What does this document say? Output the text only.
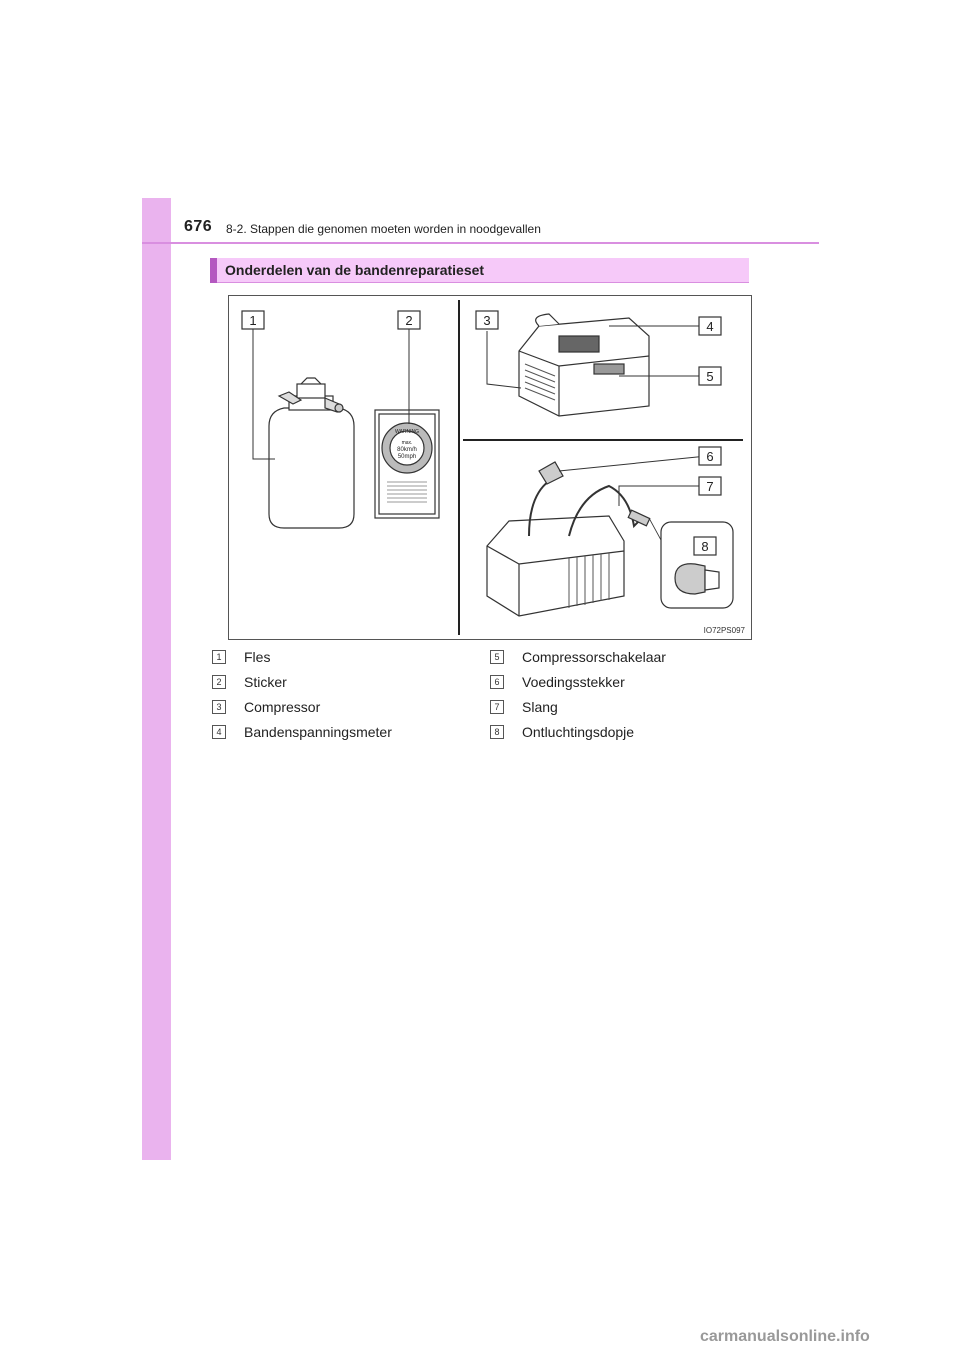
676 8-2. Stappen die genomen moeten worden in noodgevallen
Onderdelen van de bandenreparatieset
WARNING
max.
80km/h
50mph
1	2	3	4
5
6
7
8
IO72PS097
1	Fles
2	Sticker
3	Compressor
4	Bandenspanningsmeter
5	Compressorschakelaar
6	Voedingsstekker
7	Slang
8	Ontluchtingsdopje
carmanualsonline.info
